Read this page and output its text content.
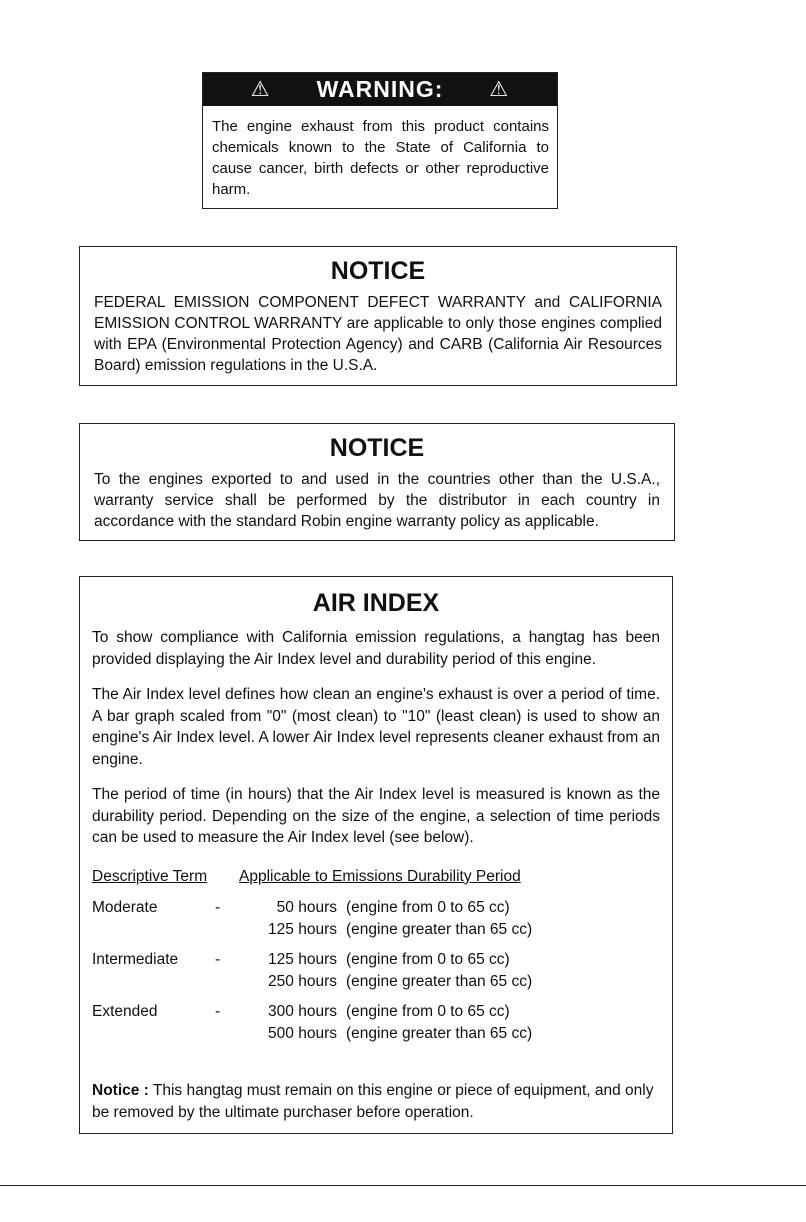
⚠ WARNING: ⚠
The engine exhaust from this product contains chemicals known to the State of California to cause cancer, birth defects or other reproductive harm.
NOTICE
FEDERAL EMISSION COMPONENT DEFECT WARRANTY and CALIFORNIA EMISSION CONTROL WARRANTY are applicable to only those engines complied with EPA (Environmental Protection Agency) and CARB (California Air Resources Board) emission regulations in the U.S.A.
NOTICE
To the engines exported to and used in the countries other than the U.S.A., warranty service shall be performed by the distributor in each country in accordance with the standard Robin engine warranty policy as applicable.
AIR INDEX

To show compliance with California emission regulations, a hangtag has been provided displaying the Air Index level and durability period of this engine.

The Air Index level defines how clean an engine's exhaust is over a period of time. A bar graph scaled from "0" (most clean) to "10" (least clean) is used to show an engine's Air Index level. A lower Air Index level represents cleaner exhaust from an engine.

The period of time (in hours) that the Air Index level is measured is known as the durability period. Depending on the size of the engine, a selection of time periods can be used to measure the Air Index level (see below).

Descriptive Term Applicable to Emissions Durability Period
Moderate	-	50 hours (engine from 0 to 65 cc)
125 hours (engine greater than 65 cc)
Intermediate -	125 hours (engine from 0 to 65 cc)
250 hours (engine greater than 65 cc)
Extended	-	300 hours (engine from 0 to 65 cc)
500 hours (engine greater than 65 cc)
Notice : This hangtag must remain on this engine or piece of equipment, and only be removed by the ultimate purchaser before operation.
